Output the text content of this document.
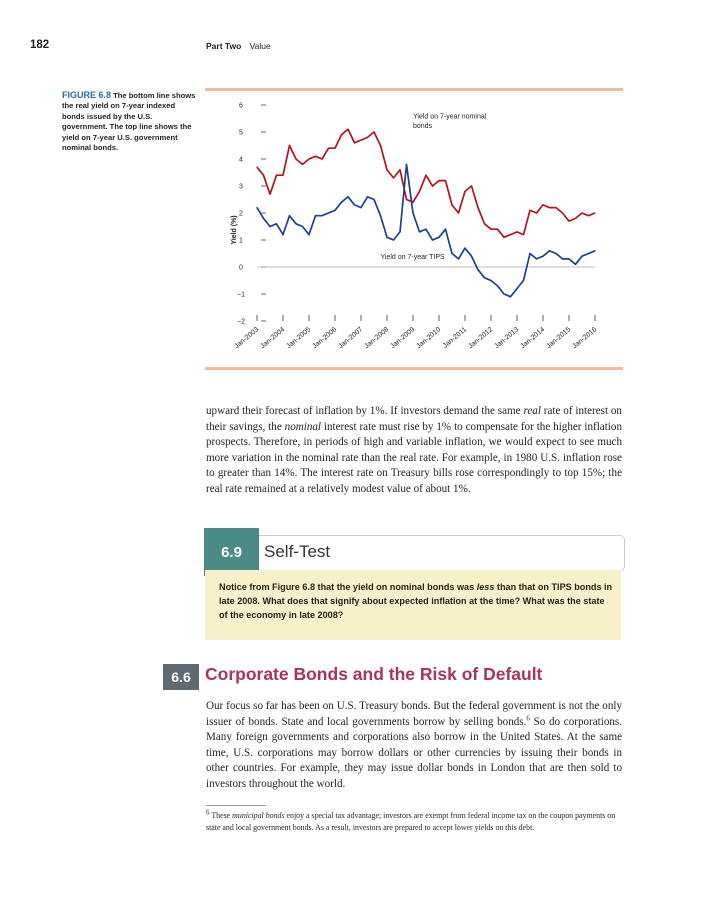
182	Part Two Value
FIGURE 6.8 The bottom line shows the real yield on 7-year indexed bonds issued by the U.S. government. The top line shows the yield on 7-year U.S. government nominal bonds.
Yield (%)
6
5
4
3
2
1
0
−1
−2
Jan-2003 Jan-2004 Jan-2005 Jan-2006 Jan-2007 Jan-2008 Jan-2009 Jan-2010 Jan-2011 Jan-2012 Jan-2013 Jan-2014 Jan-2015 Jan-2016
Yield on 7-year nominal
bonds
Yield on 7-year TIPS

upward their forecast of inflation by 1%. If investors demand the same real rate of interest on their savings, the nominal interest rate must rise by 1% to compensate for the higher inflation prospects. Therefore, in periods of high and variable inflation, we would expect to see much more variation in the nominal rate than the real rate. For example, in 1980 U.S. inflation rose to greater than 14%. The interest rate on Treasury bills rose correspondingly to top 15%; the real rate remained at a relatively modest value of about 1%.

6.9	Self-Test

Notice from Figure 6.8 that the yield on nominal bonds was less than that on TIPS bonds in late 2008. What does that signify about expected inflation at the time? What was the state of the economy in late 2008?

6.6 Corporate Bonds and the Risk of Default

Our focus so far has been on U.S. Treasury bonds. But the federal government is not the only issuer of bonds. State and local governments borrow by selling bonds.$^6$ So do corporations. Many foreign governments and corporations also borrow in the United States. At the same time, U.S. corporations may borrow dollars or other currencies by issuing their bonds in other countries. For example, they may issue dollar bonds in London that are then sold to investors throughout the world.

$^6$ These municipal bonds enjoy a special tax advantage; investors are exempt from federal income tax on the coupon payments on state and local government bonds. As a result, investors are prepared to accept lower yields on this debt.
